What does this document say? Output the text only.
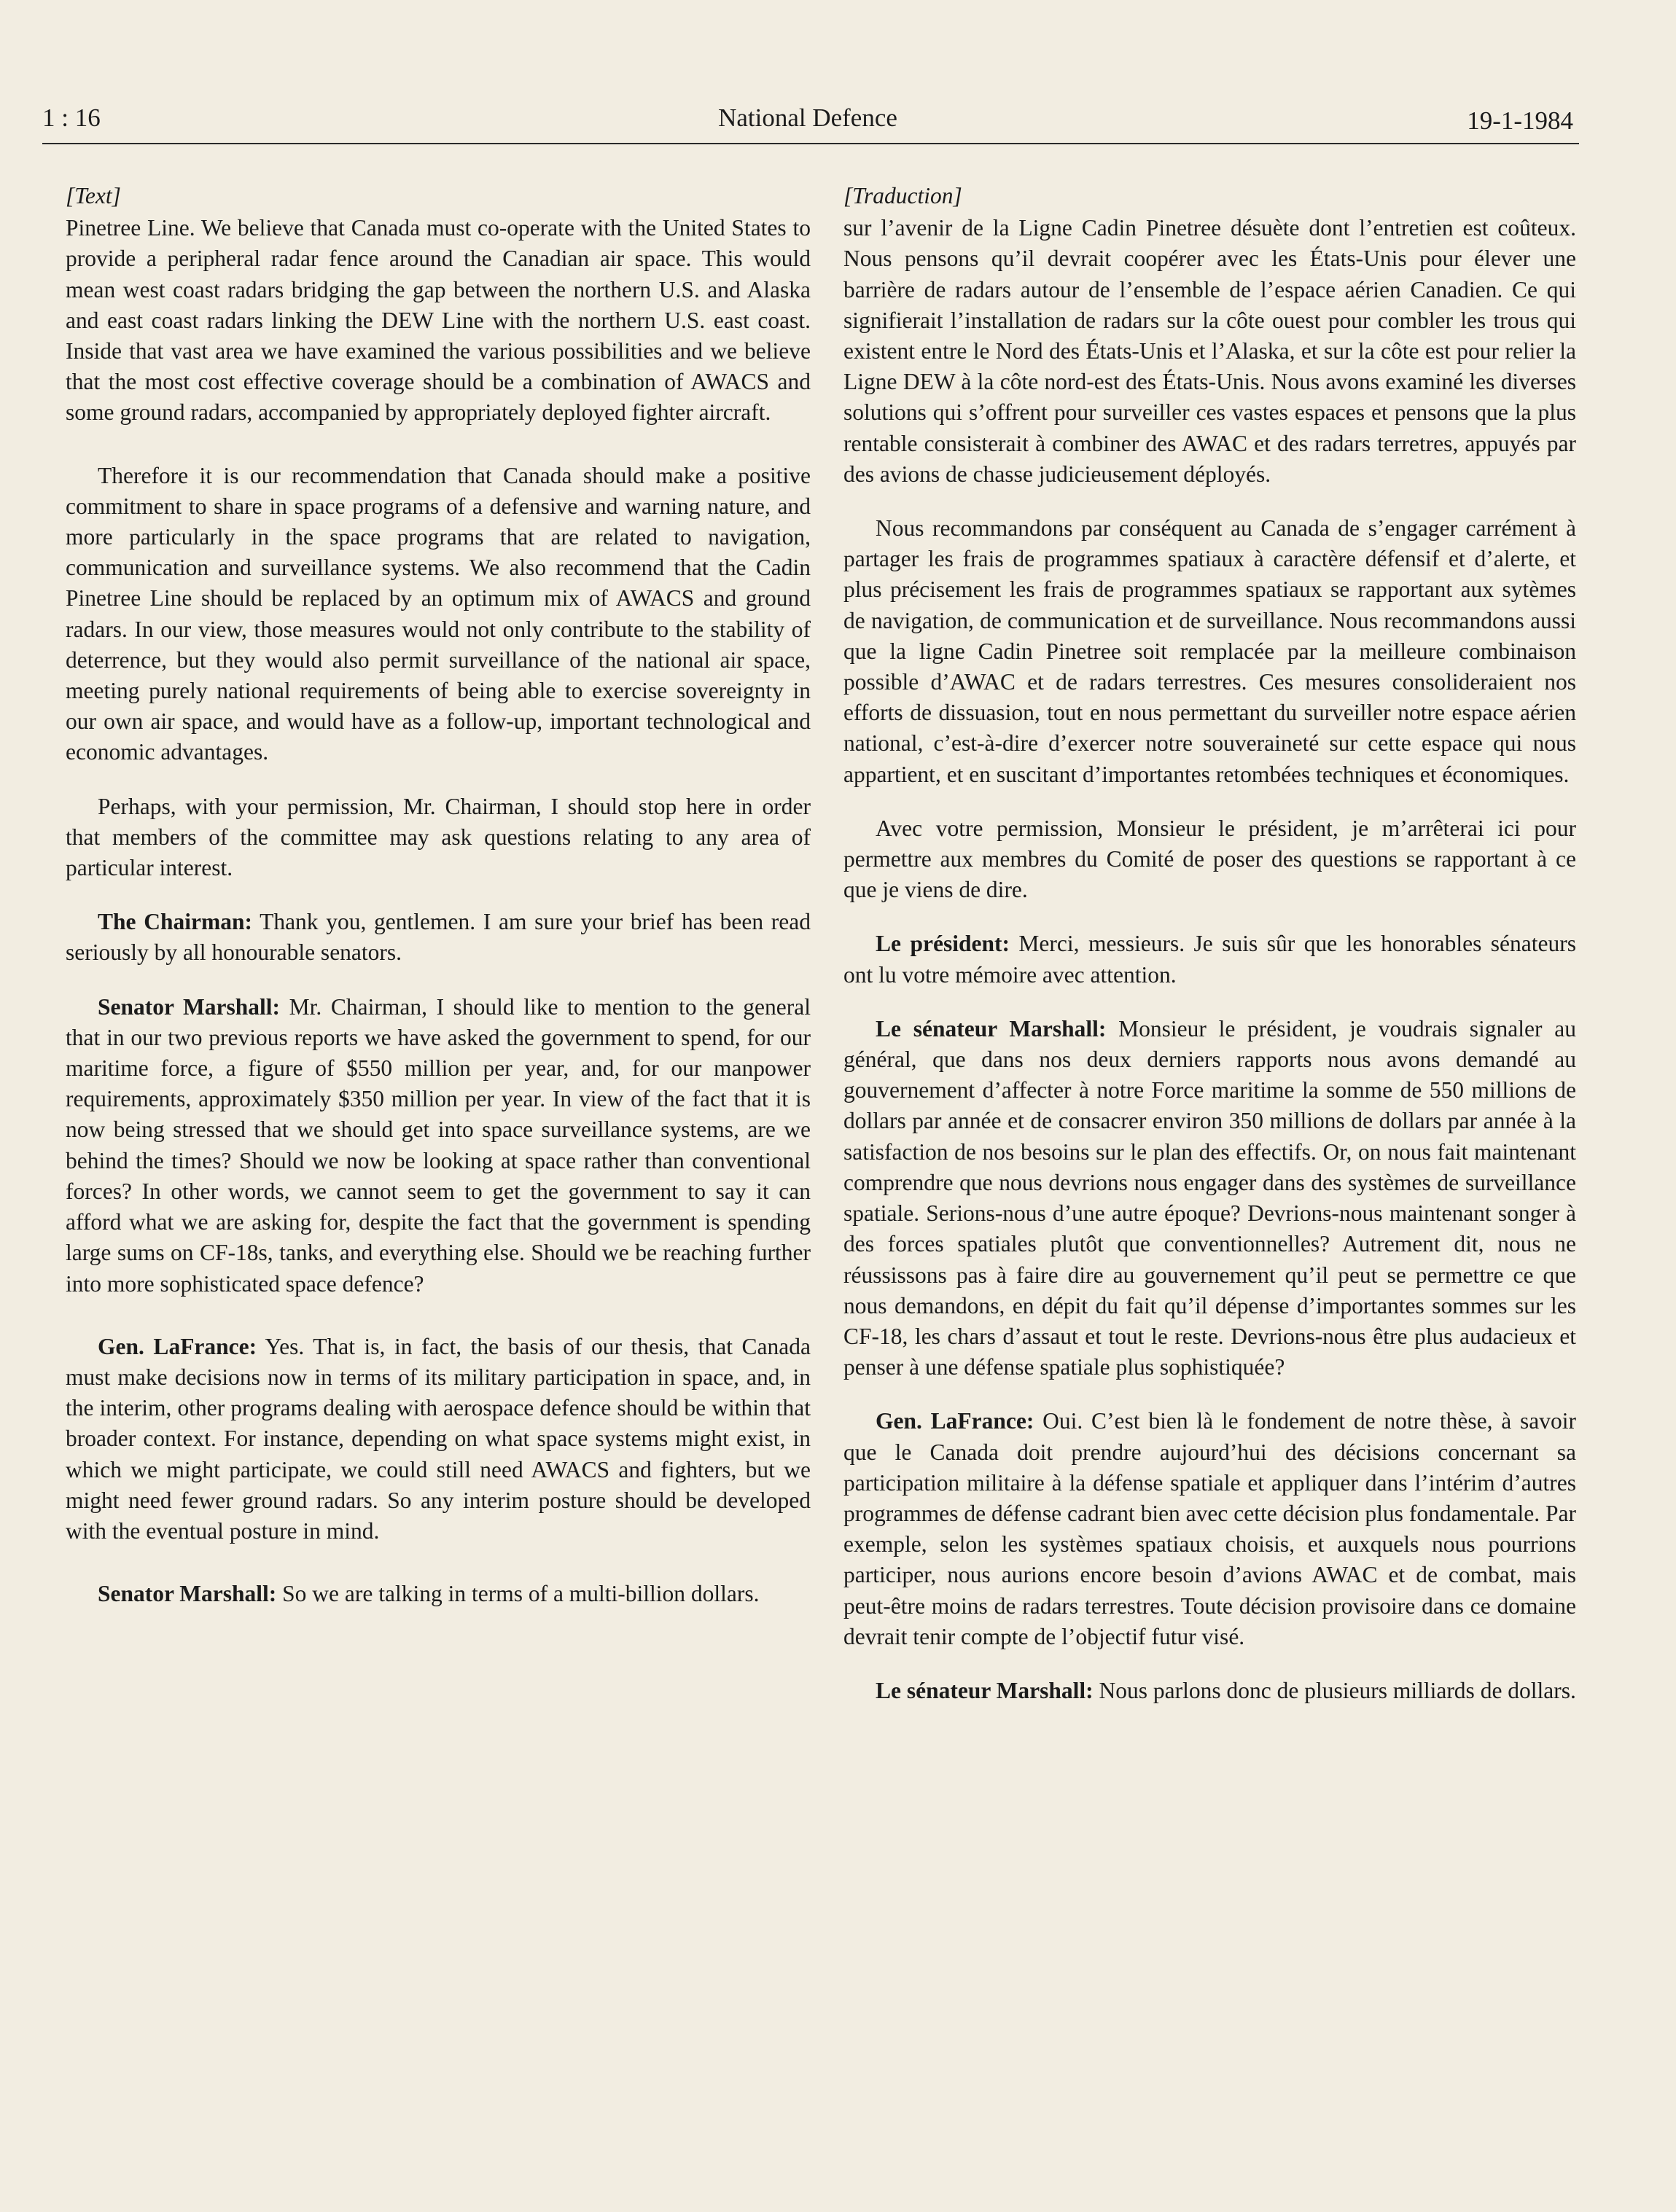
1 : 16	National Defence	19-1-1984
[Text]

Pinetree Line. We believe that Canada must co-operate with the United States to provide a peripheral radar fence around the Canadian air space. This would mean west coast radars bridging the gap between the northern U.S. and Alaska and east coast radars linking the DEW Line with the northern U.S. east coast. Inside that vast area we have examined the various possibilities and we believe that the most cost effective coverage should be a combination of AWACS and some ground radars, accompanied by appropriately deployed fighter aircraft.

Therefore it is our recommendation that Canada should make a positive commitment to share in space programs of a defensive and warning nature, and more particularly in the space programs that are related to navigation, communication and surveillance systems. We also recommend that the Cadin Pinetree Line should be replaced by an optimum mix of AWACS and ground radars. In our view, those measures would not only contribute to the stability of deterrence, but they would also permit surveillance of the national air space, meeting purely national requirements of being able to exercise sovereignty in our own air space, and would have as a follow-up, important technological and economic advantages.

Perhaps, with your permission, Mr. Chairman, I should stop here in order that members of the committee may ask questions relating to any area of particular interest.

The Chairman: Thank you, gentlemen. I am sure your brief has been read seriously by all honourable senators.

Senator Marshall: Mr. Chairman, I should like to mention to the general that in our two previous reports we have asked the government to spend, for our maritime force, a figure of $550 million per year, and, for our manpower requirements, approximately $350 million per year. In view of the fact that it is now being stressed that we should get into space surveillance systems, are we behind the times? Should we now be looking at space rather than conventional forces? In other words, we cannot seem to get the government to say it can afford what we are asking for, despite the fact that the government is spending large sums on CF-18s, tanks, and everything else. Should we be reaching further into more sophisticated space defence?

Gen. LaFrance: Yes. That is, in fact, the basis of our thesis, that Canada must make decisions now in terms of its military participation in space, and, in the interim, other programs dealing with aerospace defence should be within that broader context. For instance, depending on what space systems might exist, in which we might participate, we could still need AWACS and fighters, but we might need fewer ground radars. So any interim posture should be developed with the eventual posture in mind.

Senator Marshall: So we are talking in terms of a multi-billion dollars.

[Traduction]

sur l’avenir de la Ligne Cadin Pinetree désuète dont l’entretien est coûteux. Nous pensons qu’il devrait coopérer avec les États-Unis pour élever une barrière de radars autour de l’ensemble de l’espace aérien Canadien. Ce qui signifierait l’installation de radars sur la côte ouest pour combler les trous qui existent entre le Nord des États-Unis et l’Alaska, et sur la côte est pour relier la Ligne DEW à la côte nord-est des États-Unis. Nous avons examiné les diverses solutions qui s’offrent pour surveiller ces vastes espaces et pensons que la plus rentable consisterait à combiner des AWAC et des radars terretres, appuyés par des avions de chasse judicieusement déployés.

Nous recommandons par conséquent au Canada de s’engager carrément à partager les frais de programmes spatiaux à caractère défensif et d’alerte, et plus précisement les frais de programmes spatiaux se rapportant aux sytèmes de navigation, de communication et de surveillance. Nous recommandons aussi que la ligne Cadin Pinetree soit remplacée par la meilleure combinaison possible d’AWAC et de radars terrestres. Ces mesures consolideraient nos efforts de dissuasion, tout en nous permettant du surveiller notre espace aérien national, c’est-à-dire d’exercer notre souveraineté sur cette espace qui nous appartient, et en suscitant d’importantes retombées techniques et économiques.

Avec votre permission, Monsieur le président, je m’arrêterai ici pour permettre aux membres du Comité de poser des questions se rapportant à ce que je viens de dire.

Le président: Merci, messieurs. Je suis sûr que les honorables sénateurs ont lu votre mémoire avec attention.

Le sénateur Marshall: Monsieur le président, je voudrais signaler au général, que dans nos deux derniers rapports nous avons demandé au gouvernement d’affecter à notre Force maritime la somme de 550 millions de dollars par année et de consacrer environ 350 millions de dollars par année à la satisfaction de nos besoins sur le plan des effectifs. Or, on nous fait maintenant comprendre que nous devrions nous engager dans des systèmes de surveillance spatiale. Serions-nous d’une autre époque? Devrions-nous maintenant songer à des forces spatiales plutôt que conventionnelles? Autrement dit, nous ne réussissons pas à faire dire au gouvernement qu’il peut se permettre ce que nous demandons, en dépit du fait qu’il dépense d’importantes sommes sur les CF-18, les chars d’assaut et tout le reste. Devrions-nous être plus audacieux et penser à une défense spatiale plus sophistiquée?

Gen. LaFrance: Oui. C’est bien là le fondement de notre thèse, à savoir que le Canada doit prendre aujourd’hui des décisions concernant sa participation militaire à la défense spatiale et appliquer dans l’intérim d’autres programmes de défense cadrant bien avec cette décision plus fondamentale. Par exemple, selon les systèmes spatiaux choisis, et auxquels nous pourrions participer, nous aurions encore besoin d’avions AWAC et de combat, mais peut-être moins de radars terrestres. Toute décision provisoire dans ce domaine devrait tenir compte de l’objectif futur visé.

Le sénateur Marshall: Nous parlons donc de plusieurs milliards de dollars.
